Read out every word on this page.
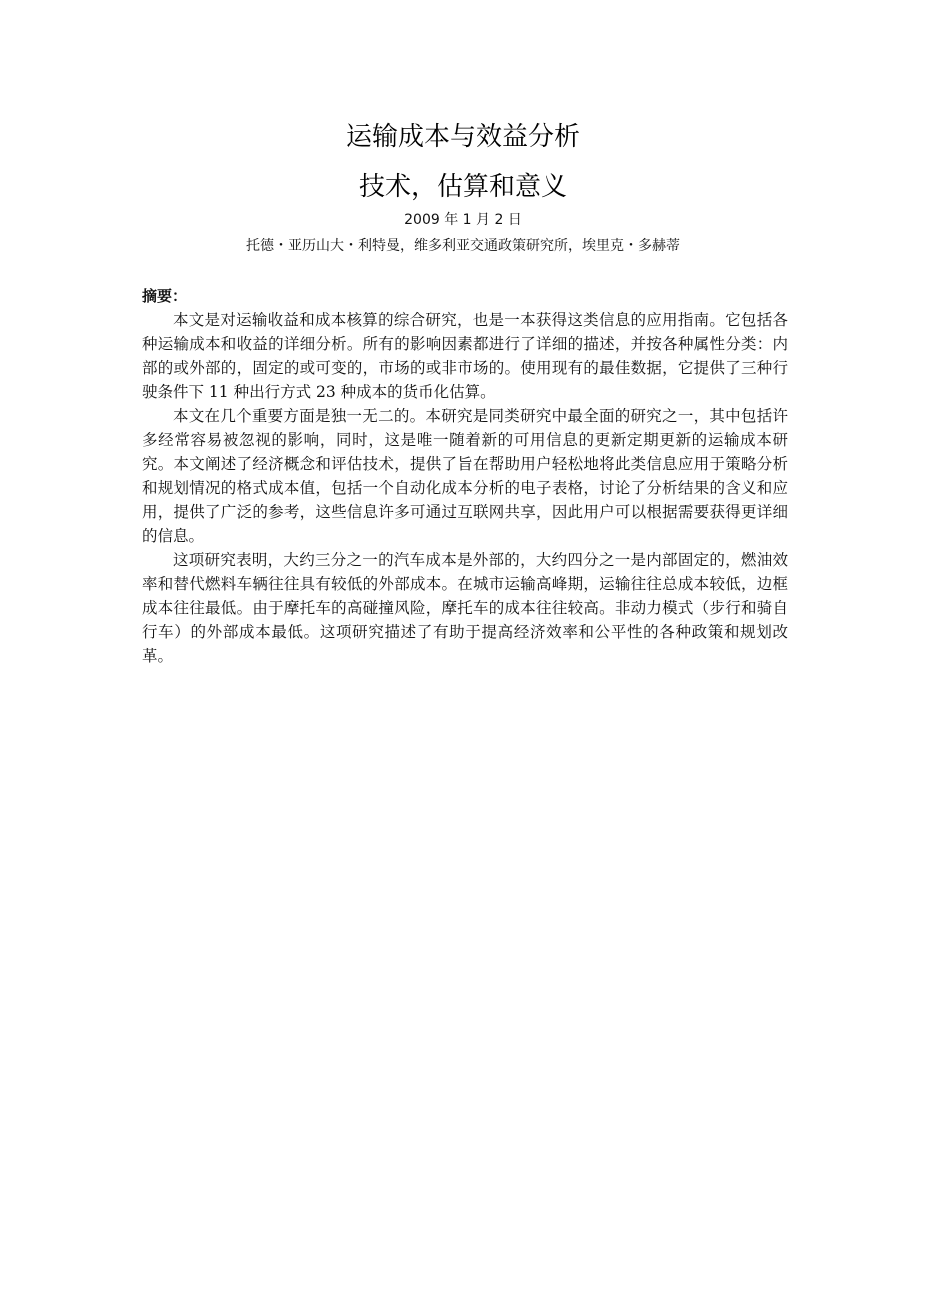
运输成本与效益分析
技术，估算和意义
2009 年 1 月 2 日
托德・亚历山大・利特曼，维多利亚交通政策研究所，埃里克・多赫蒂

摘要：

本文是对运输收益和成本核算的综合研究，也是一本获得这类信息的应用指南。它包括各种运输成本和收益的详细分析。所有的影响因素都进行了详细的描述，并按各种属性分类：内部的或外部的，固定的或可变的，市场的或非市场的。使用现有的最佳数据，它提供了三种行驶条件下 11 种出行方式 23 种成本的货币化估算。

本文在几个重要方面是独一无二的。本研究是同类研究中最全面的研究之一，其中包括许多经常容易被忽视的影响，同时，这是唯一随着新的可用信息的更新定期更新的运输成本研究。本文阐述了经济概念和评估技术，提供了旨在帮助用户轻松地将此类信息应用于策略分析和规划情况的格式成本值，包括一个自动化成本分析的电子表格，讨论了分析结果的含义和应用，提供了广泛的参考，这些信息许多可通过互联网共享，因此用户可以根据需要获得更详细的信息。

这项研究表明，大约三分之一的汽车成本是外部的，大约四分之一是内部固定的，燃油效率和替代燃料车辆往往具有较低的外部成本。在城市运输高峰期，运输往往总成本较低，边框成本往往最低。由于摩托车的高碰撞风险，摩托车的成本往往较高。非动力模式（步行和骑自行车）的外部成本最低。这项研究描述了有助于提高经济效率和公平性的各种政策和规划改革。
